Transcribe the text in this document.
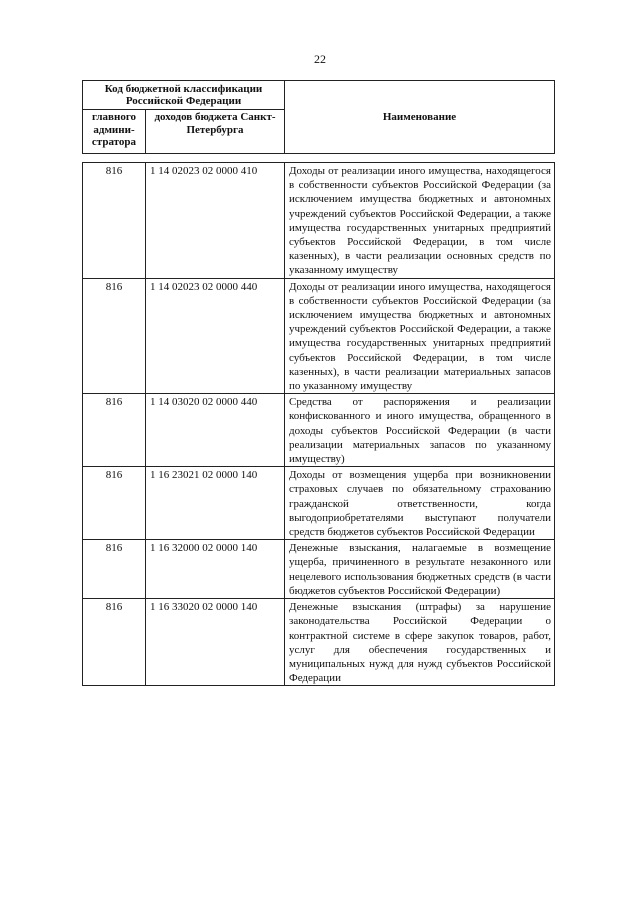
22
Код бюджетной классификации Российской Федерации		Наименование
главного админи-стратора	доходов бюджета Санкт-Петербурга	
816	1 14 02023 02 0000 410	Доходы от реализации иного имущества, находящегося в собственности субъектов Российской Федерации (за исключением имущества бюджетных и автономных учреждений субъектов Российской Федерации, а также имущества государственных унитарных предприятий субъектов Российской Федерации, в том числе казенных), в части реализации основных средств по указанному имуществу
816	1 14 02023 02 0000 440	Доходы от реализации иного имущества, находящегося в собственности субъектов Российской Федерации (за исключением имущества бюджетных и автономных учреждений субъектов Российской Федерации, а также имущества государственных унитарных предприятий субъектов Российской Федерации, в том числе казенных), в части реализации материальных запасов по указанному имуществу
816	1 14 03020 02 0000 440	Средства от распоряжения и реализации конфискованного и иного имущества, обращенного в доходы субъектов Российской Федерации (в части реализации материальных запасов по указанному имуществу)
816	1 16 23021 02 0000 140	Доходы от возмещения ущерба при возникновении страховых случаев по обязательному страхованию гражданской ответственности, когда выгодоприобретателями выступают получатели средств бюджетов субъектов Российской Федерации
816	1 16 32000 02 0000 140	Денежные взыскания, налагаемые в возмещение ущерба, причиненного в результате незаконного или нецелевого использования бюджетных средств (в части бюджетов субъектов Российской Федерации)
816	1 16 33020 02 0000 140	Денежные взыскания (штрафы) за нарушение законодательства Российской Федерации о контрактной системе в сфере закупок товаров, работ, услуг для обеспечения государственных и муниципальных нужд для нужд субъектов Российской Федерации
